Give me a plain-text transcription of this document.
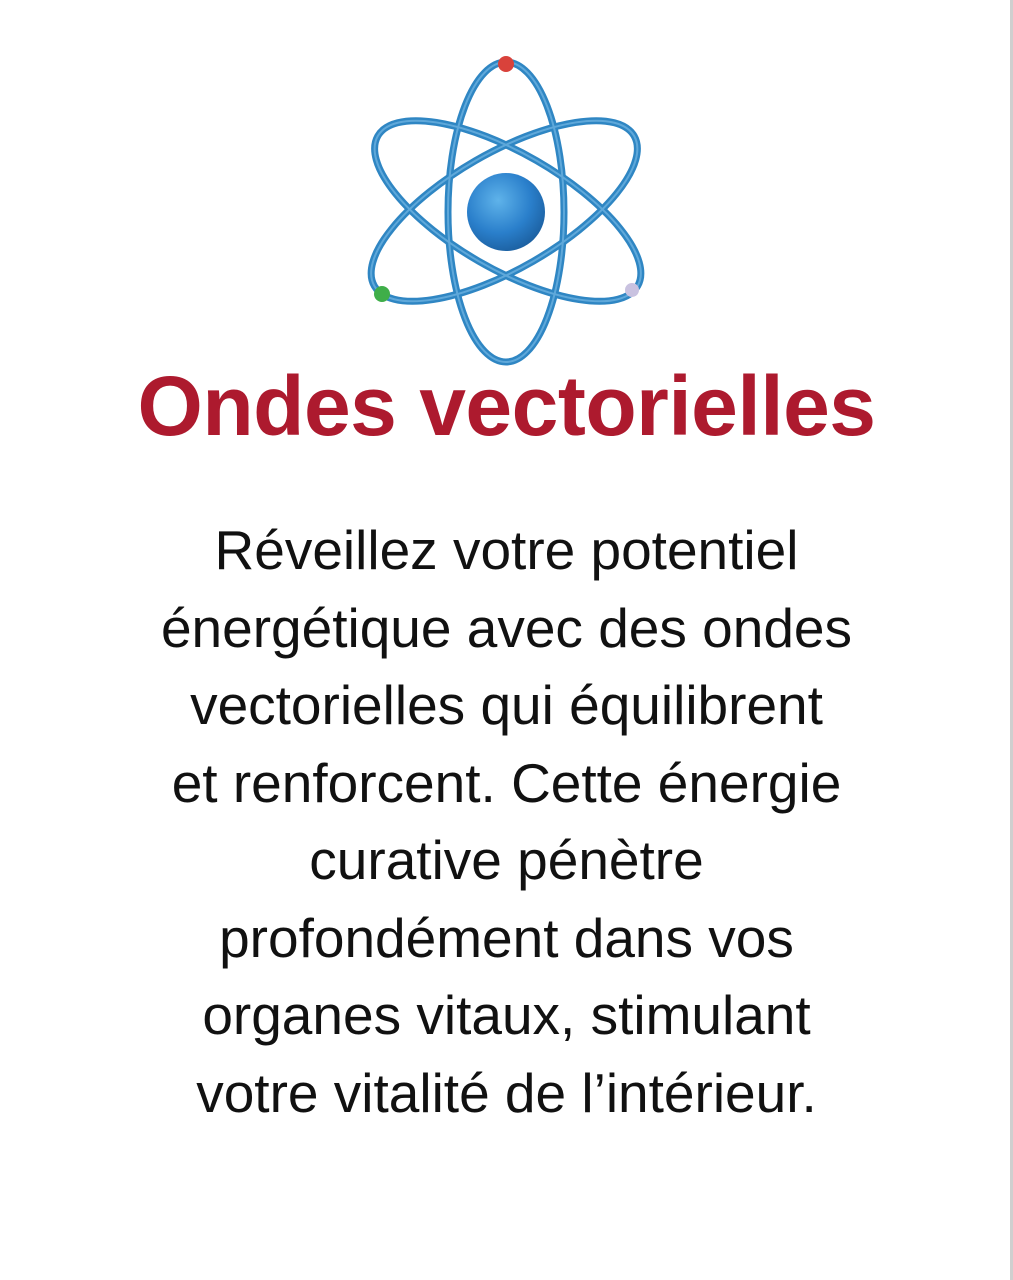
Ondes vectorielles

Réveillez votre potentiel
énergétique avec des ondes
vectorielles qui équilibrent
et renforcent. Cette énergie
curative pénètre
profondément dans vos
organes vitaux, stimulant
votre vitalité de l’intérieur.
